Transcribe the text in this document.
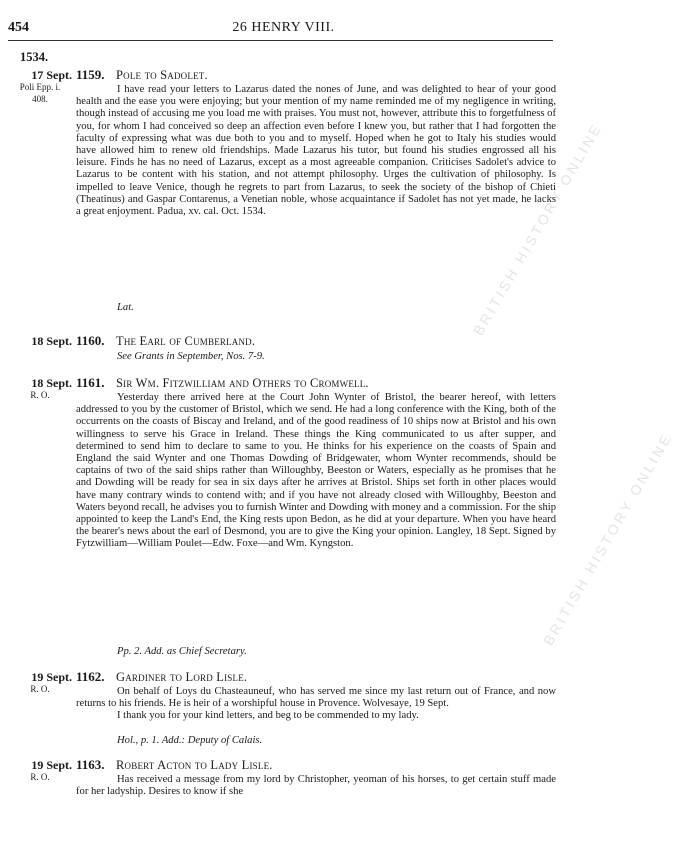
BRITISH HISTORY ONLINE
BRITISH HISTORY ONLINE
454	26 HENRY VIII.
1534.
17 Sept.
Poli Epp. i. 408.
1159. Pole to Sadolet.

I have read your letters to Lazarus dated the nones of June, and was delighted to hear of your good health and the ease you were enjoying; but your mention of my name reminded me of my negligence in writing, though instead of accusing me you load me with praises. You must not, however, attribute this to forgetfulness of you, for whom I had conceived so deep an affection even before I knew you, but rather that I had forgotten the faculty of expressing what was due both to you and to myself. Hoped when he got to Italy his studies would have allowed him to renew old friendships. Made Lazarus his tutor, but found his studies engrossed all his leisure. Finds he has no need of Lazarus, except as a most agreeable companion. Criticises Sadolet's advice to Lazarus to be content with his station, and not attempt philosophy. Urges the cultivation of philosophy. Is impelled to leave Venice, though he regrets to part from Lazarus, to seek the society of the bishop of Chieti (Theatinus) and Gaspar Contarenus, a Venetian noble, whose acquaintance if Sadolet has not yet made, he lacks a great enjoyment. Padua, xv. cal. Oct. 1534.

Lat.
18 Sept. 1160. The Earl of Cumberland.
See Grants in September, Nos. 7-9.
18 Sept.
R. O.
1161. Sir Wm. Fitzwilliam and Others to Cromwell.

Yesterday there arrived here at the Court John Wynter of Bristol, the bearer hereof, with letters addressed to you by the customer of Bristol, which we send. He had a long conference with the King, both of the occurrents on the coasts of Biscay and Ireland, and of the good readiness of 10 ships now at Bristol and his own willingness to serve his Grace in Ireland. These things the King communicated to us after supper, and determined to send him to declare to same to you. He thinks for his experience on the coasts of Spain and England the said Wynter and one Thomas Dowding of Bridgewater, whom Wynter recommends, should be captains of two of the said ships rather than Willoughby, Beeston or Waters, especially as he promises that he and Dowding will be ready for sea in six days after he arrives at Bristol. Ships set forth in other places would have many contrary winds to contend with; and if you have not already closed with Willoughby, Beeston and Waters beyond recall, he advises you to furnish Winter and Dowding with money and a commission. For the ship appointed to keep the Land's End, the King rests upon Bedon, as he did at your departure. When you have heard the bearer's news about the earl of Desmond, you are to give the King your opinion. Langley, 18 Sept. Signed by Fytzwilliam—William Poulet—Edw. Foxe—and Wm. Kyngston.

Pp. 2. Add. as Chief Secretary.
19 Sept.
R. O.
1162. Gardiner to Lord Lisle.

On behalf of Loys du Chasteauneuf, who has served me since my last return out of France, and now returns to his friends. He is heir of a worshipful house in Provence. Wolvesaye, 19 Sept.

I thank you for your kind letters, and beg to be commended to my lady.

Hol., p. 1. Add.: Deputy of Calais.
19 Sept.
R. O.
1163. Robert Acton to Lady Lisle.

Has received a message from my lord by Christopher, yeoman of his horses, to get certain stuff made for her ladyship. Desires to know if she
